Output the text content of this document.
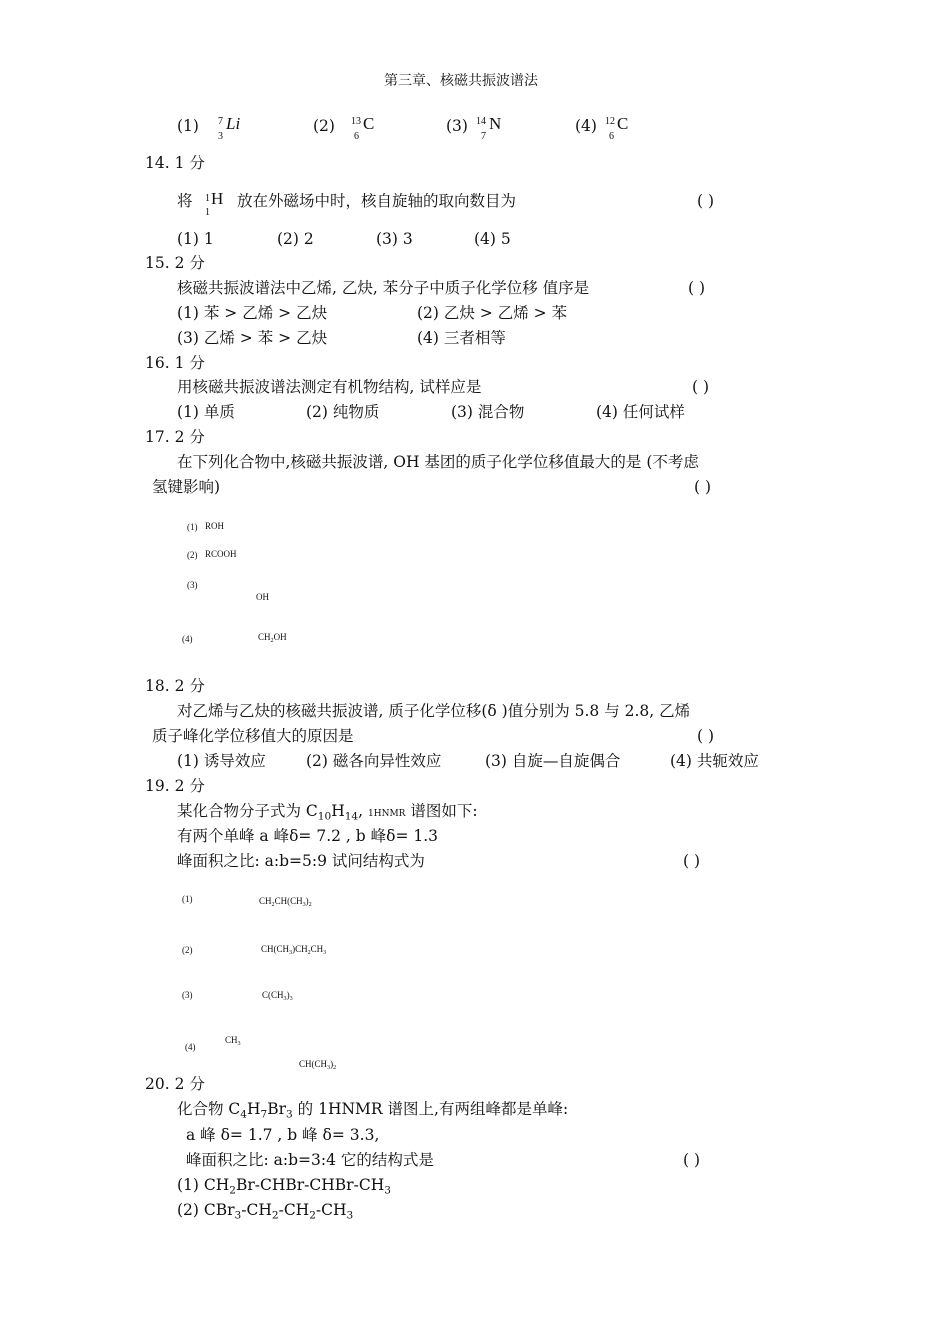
第三章、核磁共振波谱法
(1) 7
3
Li	(2) 13
6
C	(3) 14
7
N	(4) 12
6
C
14. 1 分
将 1
1
H 放在外磁场中时，核自旋轴的取向数目为	( )
(1) 1	(2) 2	(3) 3	(4) 5
15. 2 分
核磁共振波谱法中乙烯, 乙炔, 苯分子中质子化学位移 值序是	( )
(1) 苯 > 乙烯 > 乙炔	(2) 乙炔 > 乙烯 > 苯
(3) 乙烯 > 苯 > 乙炔	(4) 三者相等
16. 1 分
用核磁共振波谱法测定有机物结构, 试样应是	( )
(1) 单质	(2) 纯物质	(3) 混合物	(4) 任何试样
17. 2 分
在下列化合物中,核磁共振波谱, OH 基团的质子化学位移值最大的是 (不考虑
氢键影响)	( )
(1) ROH
(2) RCOOH
(3)
OH
(4)	$CH_2OH$
18. 2 分
对乙烯与乙炔的核磁共振波谱, 质子化学位移(δ )值分别为 5.8 与 2.8, 乙烯
质子峰化学位移值大的原因是	( )
(1) 诱导效应	(2) 磁各向异性效应	(3) 自旋—自旋偶合	(4) 共轭效应
19. 2 分
某化合物分子式为 $C_{10}H_{14}$, 1HNMR 谱图如下:
有两个单峰 a 峰δ= 7.2 , b 峰δ= 1.3
峰面积之比: a:b=5:9 试问结构式为	( )
(1)	$CH_2CH(CH_3)_2$
(2)	$CH(CH_3)CH_2CH_3$
(3)	$C(CH_3)_3$
(4)
$CH_3$
$CH(CH_3)_2$
20. 2 分
化合物 $C_4H_7Br_3$ 的 1HNMR 谱图上,有两组峰都是单峰:
a 峰 δ= 1.7 , b 峰 δ= 3.3,
峰面积之比: a:b=3:4 它的结构式是	( )
(1) $CH_2Br-CHBr-CHBr-CH_3$
(2) $CBr_3-CH_2-CH_2-CH_3$
